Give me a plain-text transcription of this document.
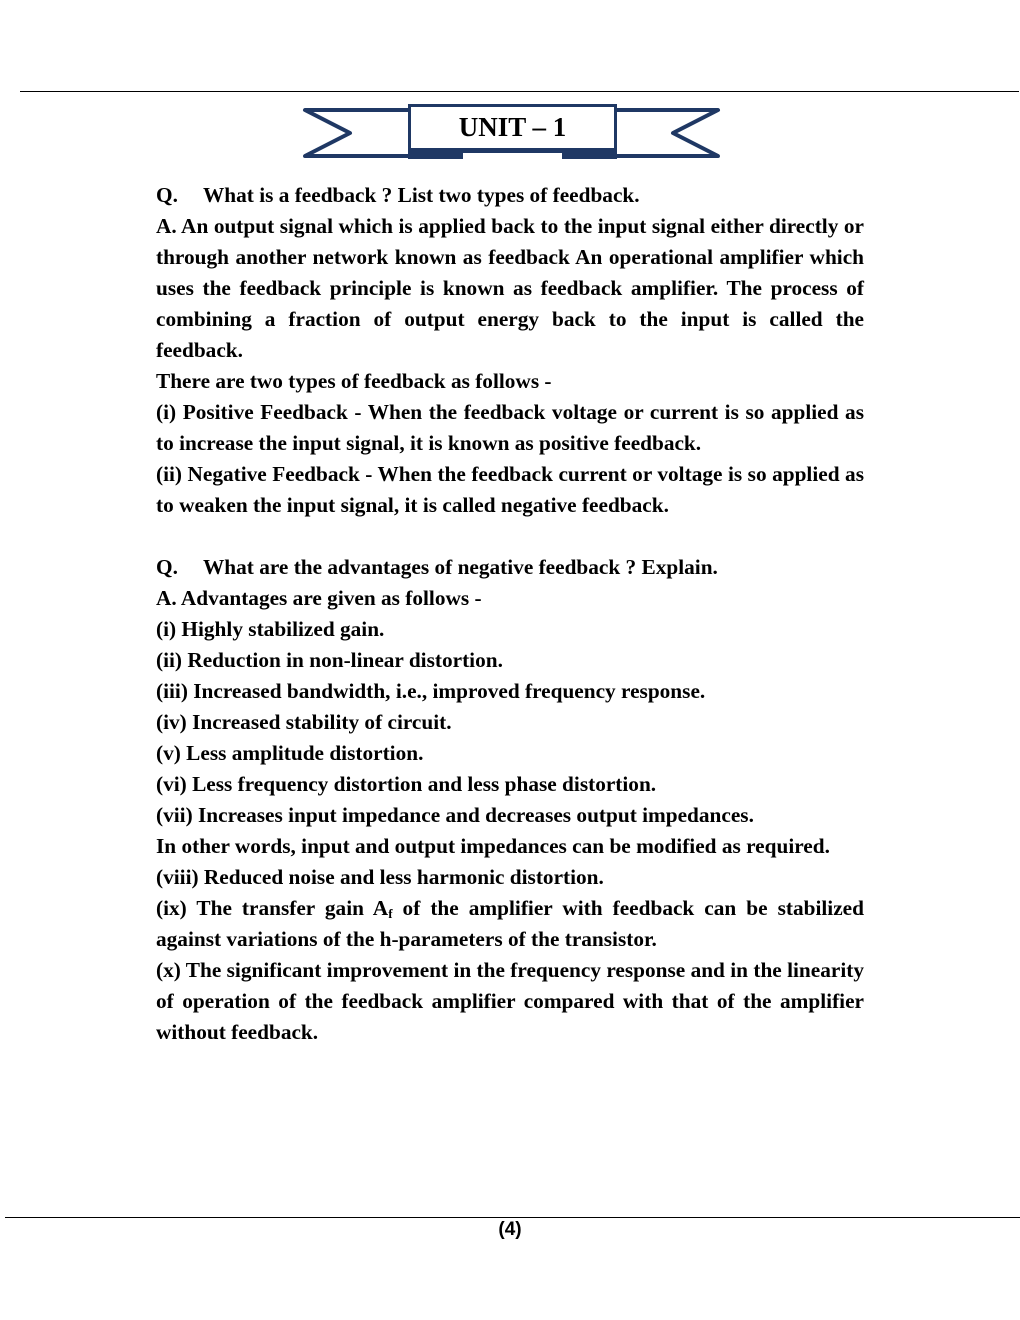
UNIT – 1

Q. What is a feedback ? List two types of feedback.

A. An output signal which is applied back to the input signal either directly or through another network known as feedback An operational amplifier which uses the feedback principle is known as feedback amplifier. The process of combining a fraction of output energy back to the input is called the feedback.

There are two types of feedback as follows -

(i) Positive Feedback - When the feedback voltage or current is so applied as to increase the input signal, it is known as positive feedback.

(ii) Negative Feedback - When the feedback current or voltage is so applied as to weaken the input signal, it is called negative feedback.

Q. What are the advantages of negative feedback ? Explain.

A. Advantages are given as follows -

(i) Highly stabilized gain.

(ii) Reduction in non-linear distortion.

(iii) Increased bandwidth, i.e., improved frequency response.

(iv) Increased stability of circuit.

(v) Less amplitude distortion.

(vi) Less frequency distortion and less phase distortion.

(vii) Increases input impedance and decreases output impedances.

In other words, input and output impedances can be modified as required.

(viii) Reduced noise and less harmonic distortion.

(ix) The transfer gain $A_f$ of the amplifier with feedback can be stabilized against variations of the h-parameters of the transistor.

(x) The significant improvement in the frequency response and in the linearity of operation of the feedback amplifier compared with that of the amplifier without feedback.

(4)
